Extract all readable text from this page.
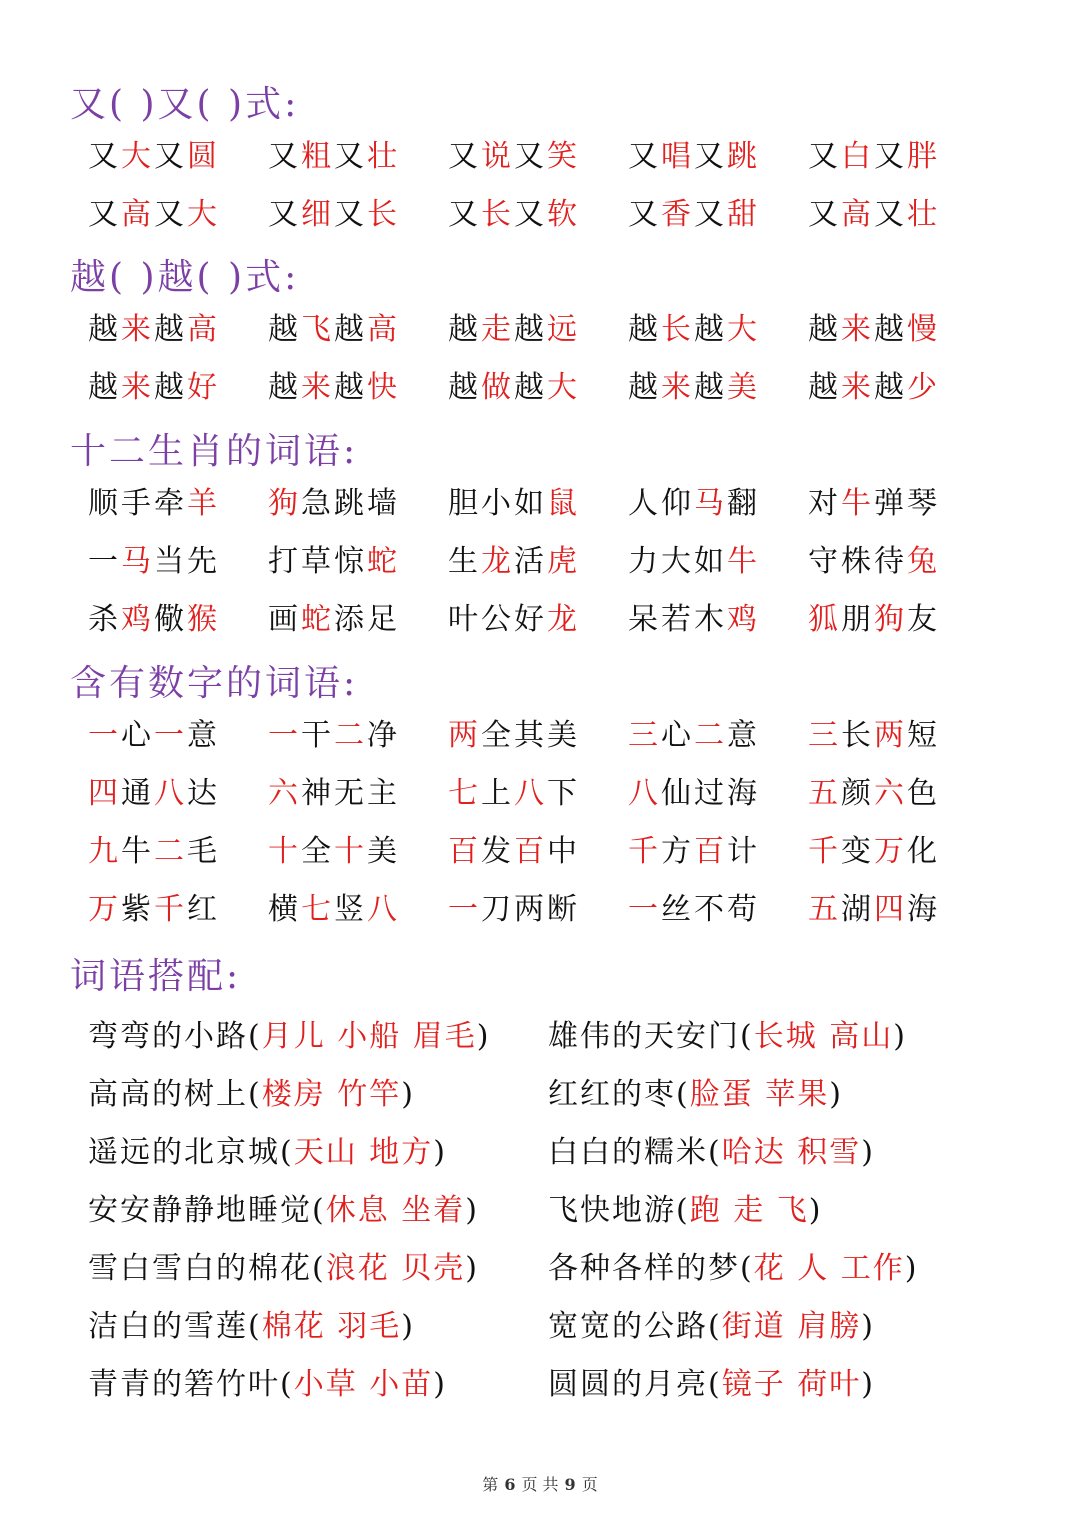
又( )又( )式:
又大又圆 又粗又壮 又说又笑 又唱又跳 又白又胖
又高又大 又细又长 又长又软 又香又甜 又高又壮
越( )越( )式:
越来越高 越飞越高 越走越远 越长越大 越来越慢
越来越好 越来越快 越做越大 越来越美 越来越少
十二生肖的词语:
顺手牵羊 狗急跳墙 胆小如鼠 人仰马翻 对牛弹琴
一马当先 打草惊蛇 生龙活虎 力大如牛 守株待兔
杀鸡儆猴 画蛇添足 叶公好龙 呆若木鸡 狐朋狗友
含有数字的词语:
一心一意 一干二净 两全其美 三心二意 三长两短
四通八达 六神无主 七上八下 八仙过海 五颜六色
九牛二毛 十全十美 百发百中 千方百计 千变万化
万紫千红 横七竖八 一刀两断 一丝不苟 五湖四海
词语搭配:
弯弯的小路(月儿 小船 眉毛) 雄伟的天安门(长城 高山)
高高的树上(楼房 竹竿)	红红的枣(脸蛋 苹果)
遥远的北京城(天山 地方)	白白的糯米(哈达 积雪)
安安静静地睡觉(休息 坐着) 飞快地游(跑 走 飞)
雪白雪白的棉花(浪花 贝壳) 各种各样的梦(花 人 工作)
洁白的雪莲(棉花 羽毛)	宽宽的公路(街道 肩膀)
青青的箬竹叶(小草 小苗)	圆圆的月亮(镜子 荷叶)
第 6 页 共 9 页
